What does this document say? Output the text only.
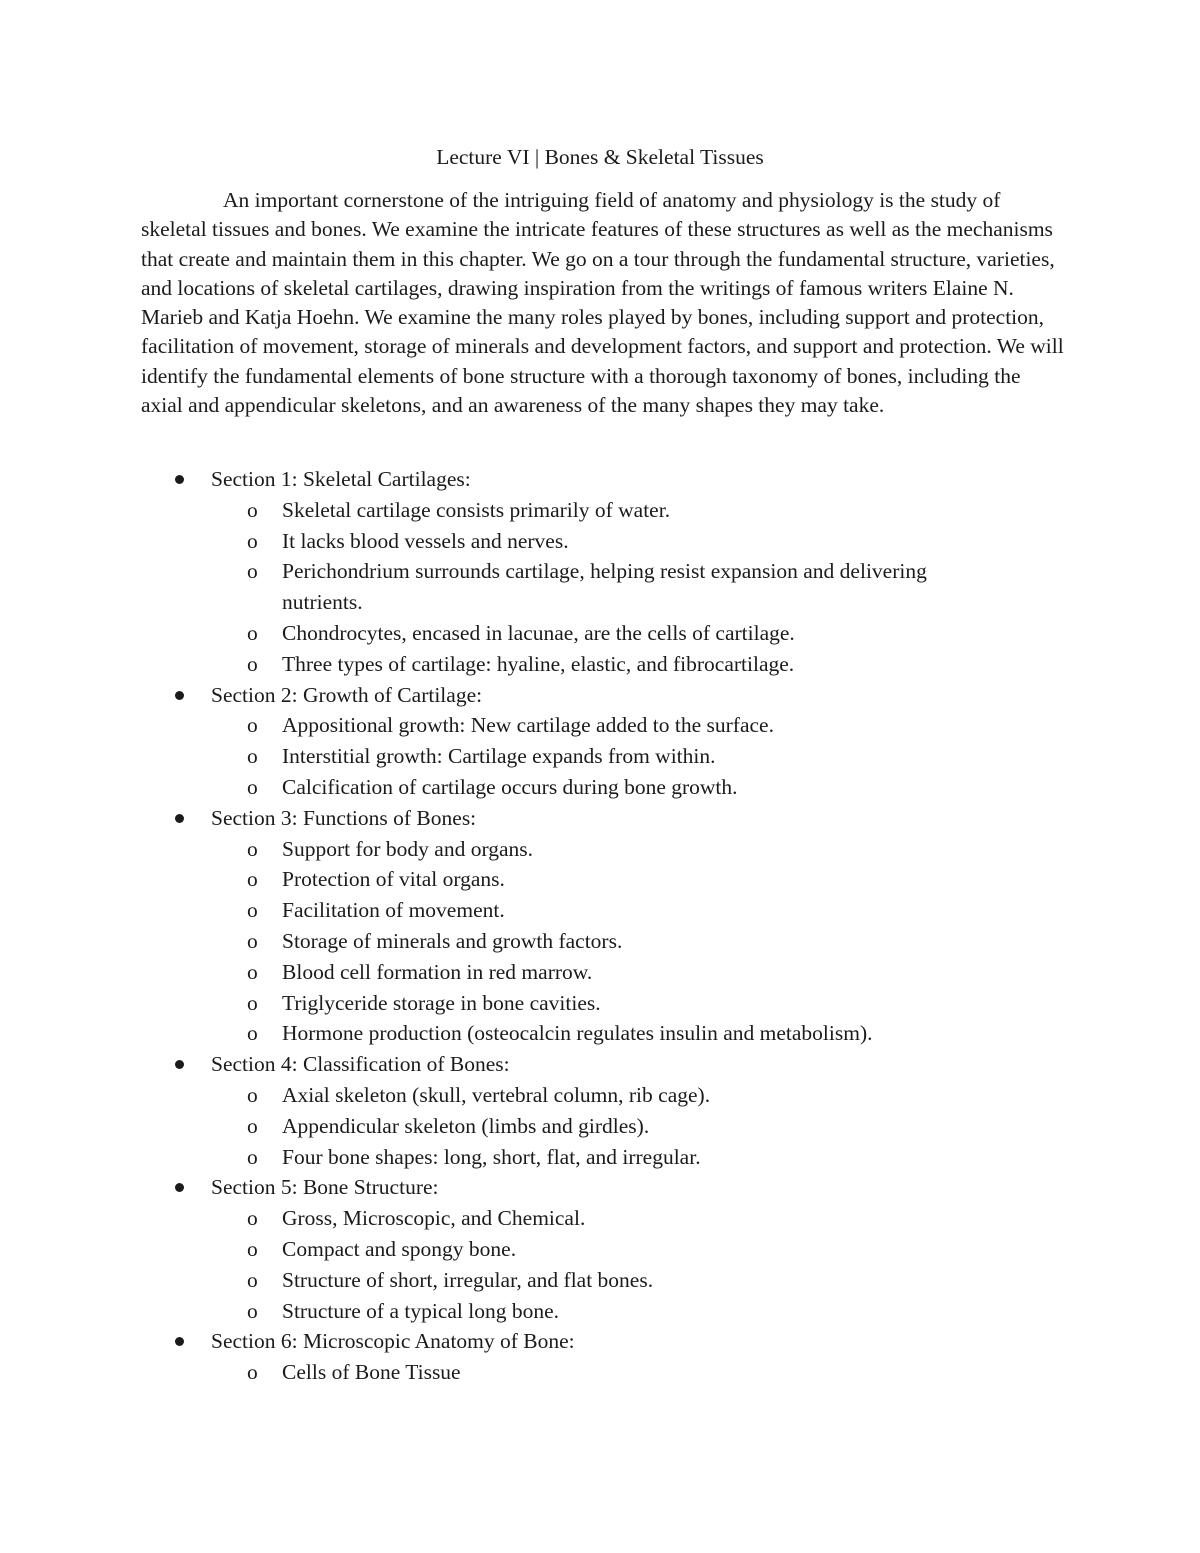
Lecture VI | Bones & Skeletal Tissues

An important cornerstone of the intriguing field of anatomy and physiology is the study of skeletal tissues and bones. We examine the intricate features of these structures as well as the mechanisms that create and maintain them in this chapter. We go on a tour through the fundamental structure, varieties, and locations of skeletal cartilages, drawing inspiration from the writings of famous writers Elaine N. Marieb and Katja Hoehn. We examine the many roles played by bones, including support and protection, facilitation of movement, storage of minerals and development factors, and support and protection. We will identify the fundamental elements of bone structure with a thorough taxonomy of bones, including the axial and appendicular skeletons, and an awareness of the many shapes they may take.

Section 1: Skeletal Cartilages:
o Skeletal cartilage consists primarily of water.
o It lacks blood vessels and nerves.
o Perichondrium surrounds cartilage, helping resist expansion and delivering nutrients.
o Chondrocytes, encased in lacunae, are the cells of cartilage.
o Three types of cartilage: hyaline, elastic, and fibrocartilage.
Section 2: Growth of Cartilage:
o Appositional growth: New cartilage added to the surface.
o Interstitial growth: Cartilage expands from within.
o Calcification of cartilage occurs during bone growth.
Section 3: Functions of Bones:
o Support for body and organs.
o Protection of vital organs.
o Facilitation of movement.
o Storage of minerals and growth factors.
o Blood cell formation in red marrow.
o Triglyceride storage in bone cavities.
o Hormone production (osteocalcin regulates insulin and metabolism).
Section 4: Classification of Bones:
o Axial skeleton (skull, vertebral column, rib cage).
o Appendicular skeleton (limbs and girdles).
o Four bone shapes: long, short, flat, and irregular.
Section 5: Bone Structure:
o Gross, Microscopic, and Chemical.
o Compact and spongy bone.
o Structure of short, irregular, and flat bones.
o Structure of a typical long bone.
Section 6: Microscopic Anatomy of Bone:
o Cells of Bone Tissue
